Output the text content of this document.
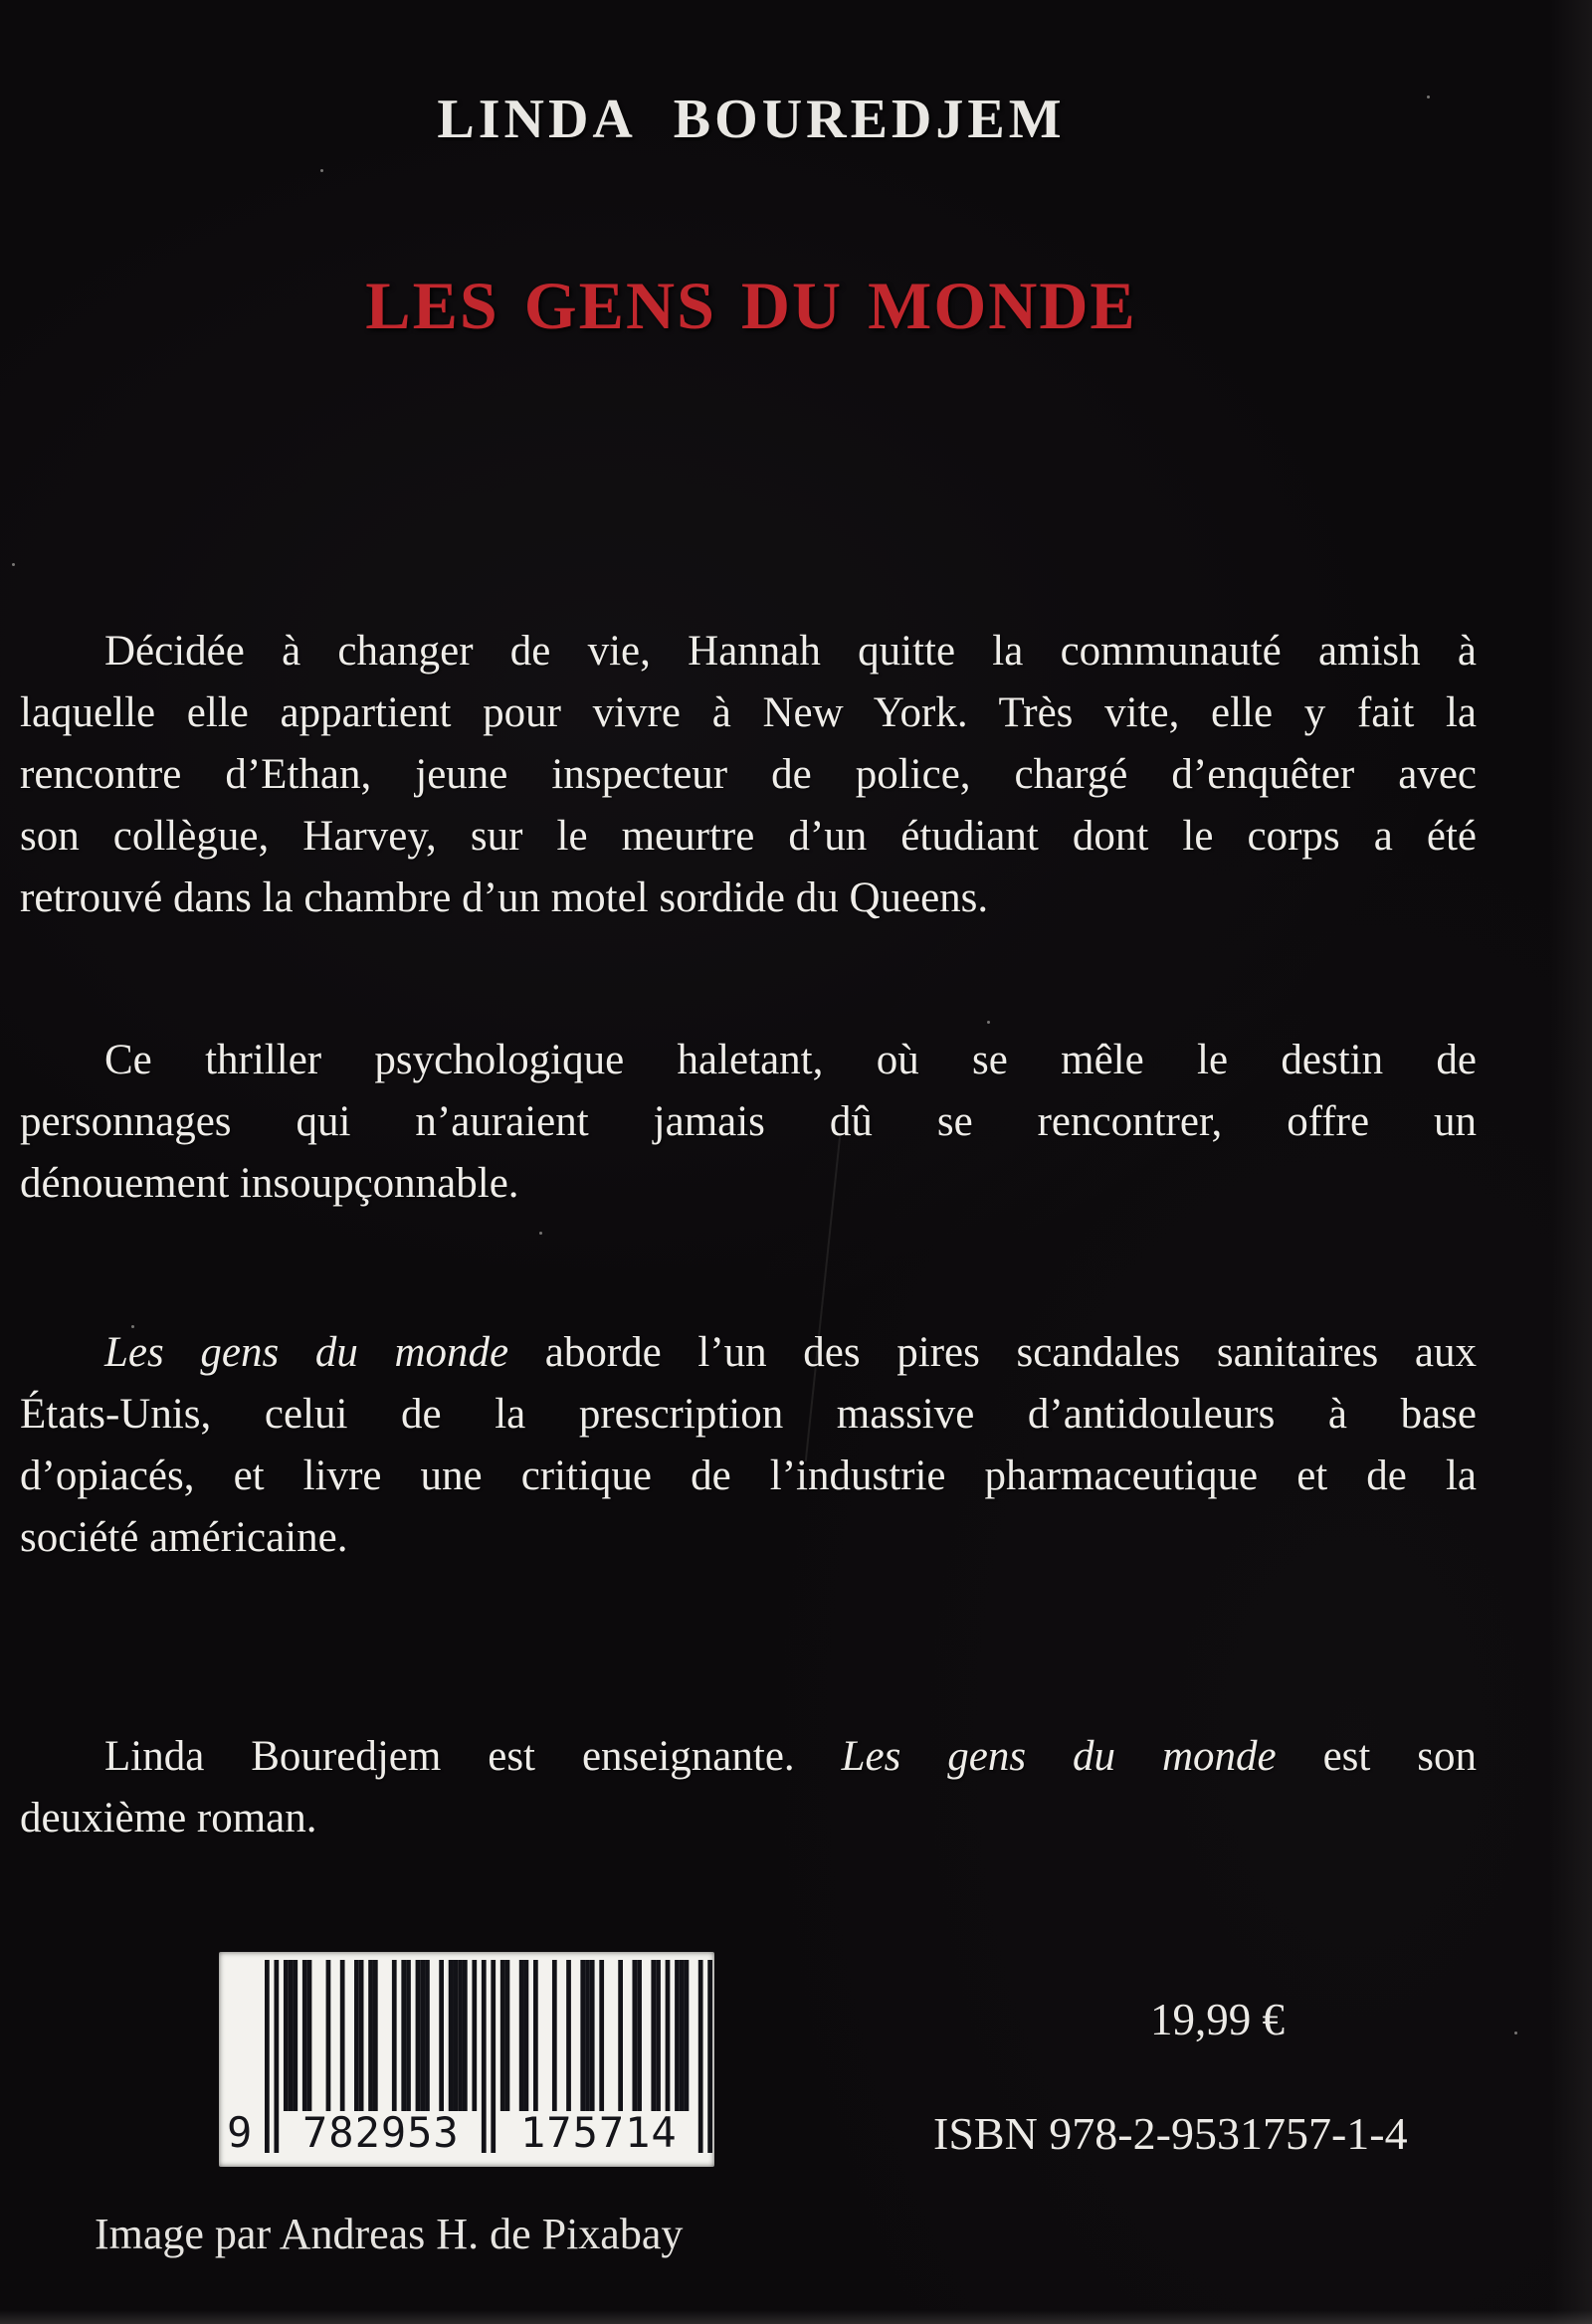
LINDA BOUREDJEM
LES GENS DU MONDE

Décidée à changer de vie, Hannah quitte la communauté amish à

laquelle elle appartient pour vivre à New York. Très vite, elle y fait la

rencontre d’Ethan, jeune inspecteur de police, chargé d’enquêter avec

son collègue, Harvey, sur le meurtre d’un étudiant dont le corps a été

retrouvé dans la chambre d’un motel sordide du Queens.

Ce thriller psychologique haletant, où se mêle le destin de

personnages qui n’auraient jamais dû se rencontrer, offre un

dénouement insoupçonnable.

Les gens du monde aborde l’un des pires scandales sanitaires aux

États-Unis, celui de la prescription massive d’antidouleurs à base

d’opiacés, et livre une critique de l’industrie pharmaceutique et de la

société américaine.

Linda Bouredjem est enseignante. Les gens du monde est son

deuxième roman.

9 782953 175714

19,99 €

ISBN 978-2-9531757-1-4

Image par Andreas H. de Pixabay
